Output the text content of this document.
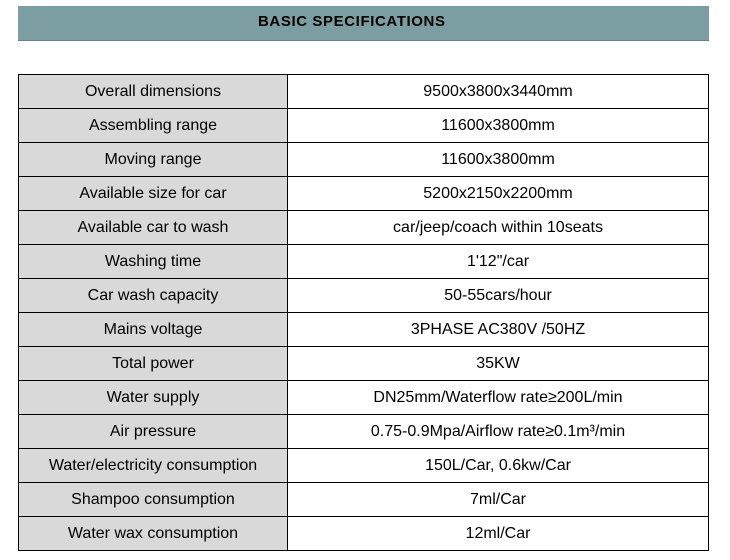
BASIC SPECIFICATIONS
Overall dimensions	9500x3800x3440mm
Assembling range	11600x3800mm
Moving range	11600x3800mm
Available size for car	5200x2150x2200mm
Available car to wash	car/jeep/coach within 10seats
Washing time	1'12"/car
Car wash capacity	50-55cars/hour
Mains voltage	3PHASE AC380V /50HZ
Total power	35KW
Water supply	DN25mm/Waterflow rate≥200L/min
Air pressure	0.75-0.9Mpa/Airflow rate≥0.1m³/min
Water/electricity consumption	150L/Car, 0.6kw/Car
Shampoo consumption	7ml/Car
Water wax consumption	12ml/Car
